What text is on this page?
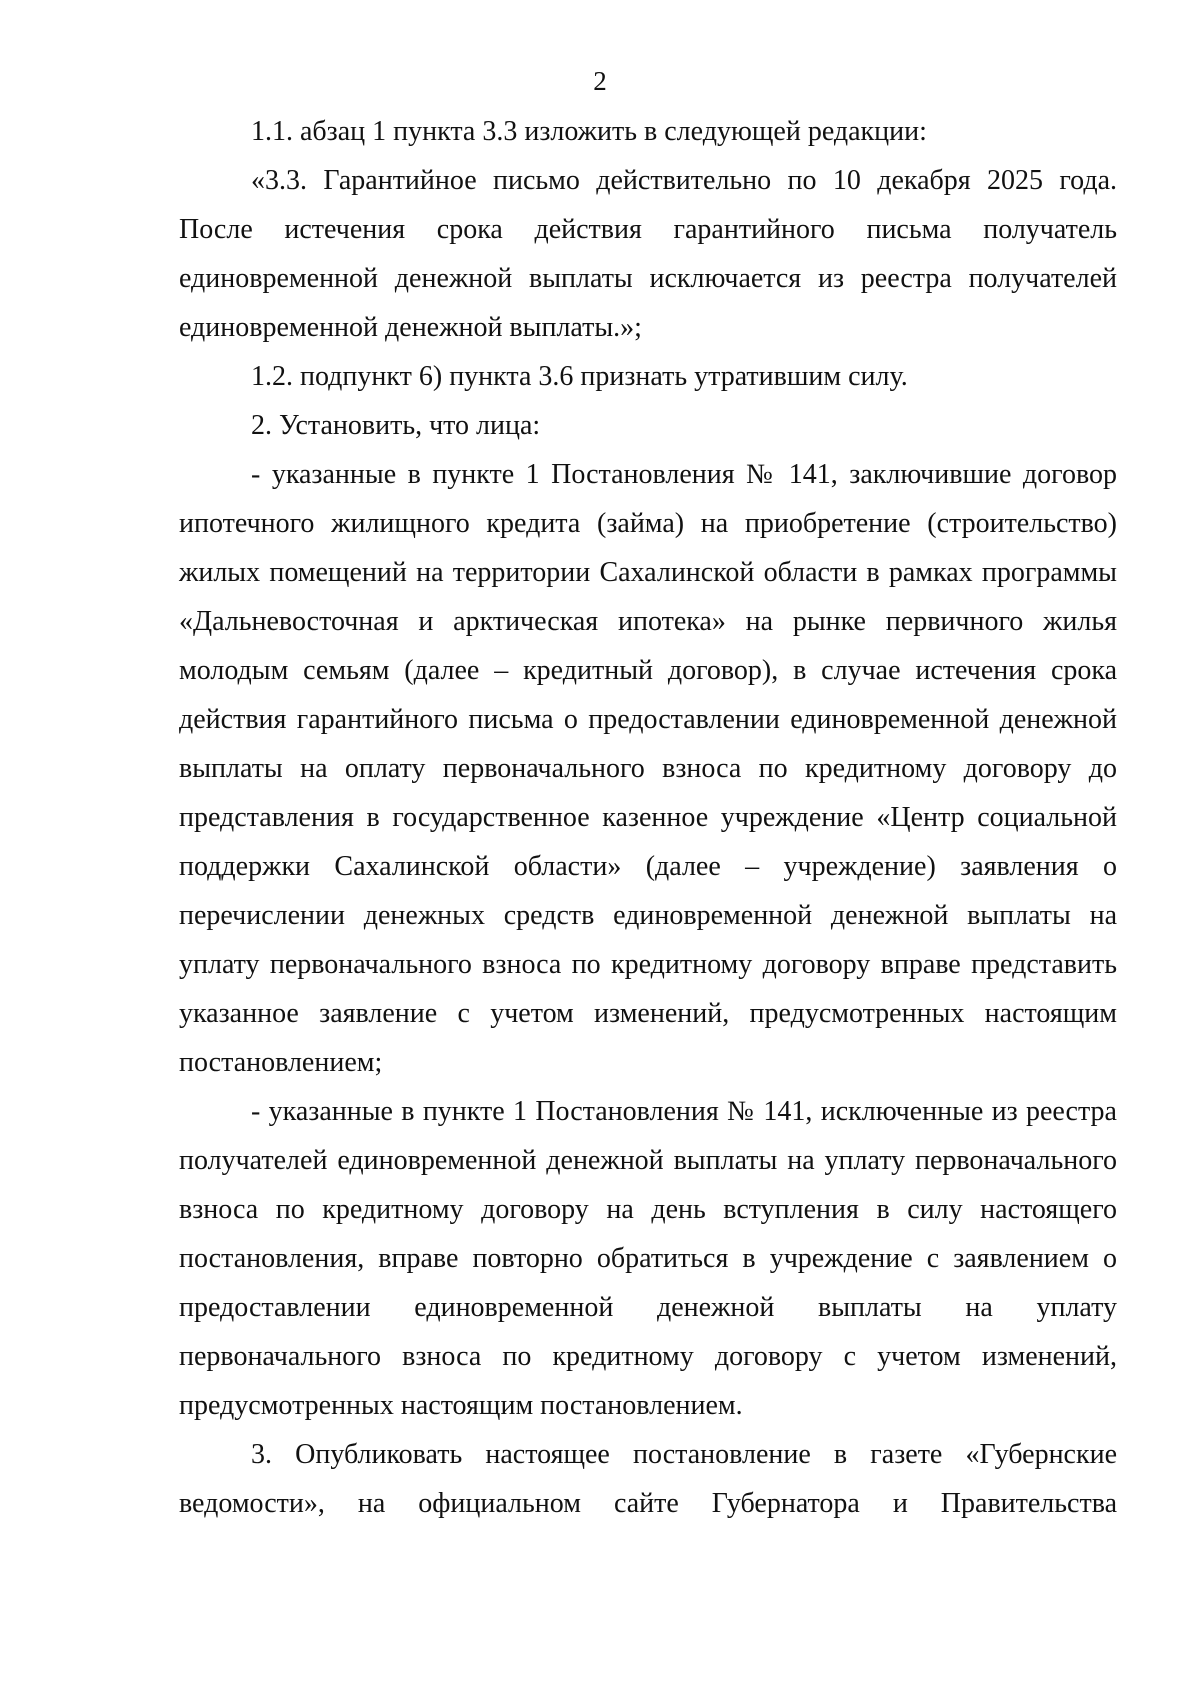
2

1.1. абзац 1 пункта 3.3 изложить в следующей редакции:

«3.3. Гарантийное письмо действительно по 10 декабря 2025 года. После истечения срока действия гарантийного письма получатель единовременной денежной выплаты исключается из реестра получателей единовременной денежной выплаты.»;

1.2. подпункт 6) пункта 3.6 признать утратившим силу.

2. Установить, что лица:

- указанные в пункте 1 Постановления № 141, заключившие договор ипотечного жилищного кредита (займа) на приобретение (строительство) жилых помещений на территории Сахалинской области в рамках программы «Дальневосточная и арктическая ипотека» на рынке первичного жилья молодым семьям (далее – кредитный договор), в случае истечения срока действия гарантийного письма о предоставлении единовременной денежной выплаты на оплату первоначального взноса по кредитному договору до представления в государственное казенное учреждение «Центр социальной поддержки Сахалинской области» (далее – учреждение) заявления о перечислении денежных средств единовременной денежной выплаты на уплату первоначального взноса по кредитному договору вправе представить указанное заявление с учетом изменений, предусмотренных настоящим постановлением;

- указанные в пункте 1 Постановления № 141, исключенные из реестра получателей единовременной денежной выплаты на уплату первоначального взноса по кредитному договору на день вступления в силу настоящего постановления, вправе повторно обратиться в учреждение с заявлением о предоставлении единовременной денежной выплаты на уплату первоначального взноса по кредитному договору с учетом изменений, предусмотренных настоящим постановлением.

3. Опубликовать настоящее постановление в газете «Губернские ведомости», на официальном сайте Губернатора и Правительства
